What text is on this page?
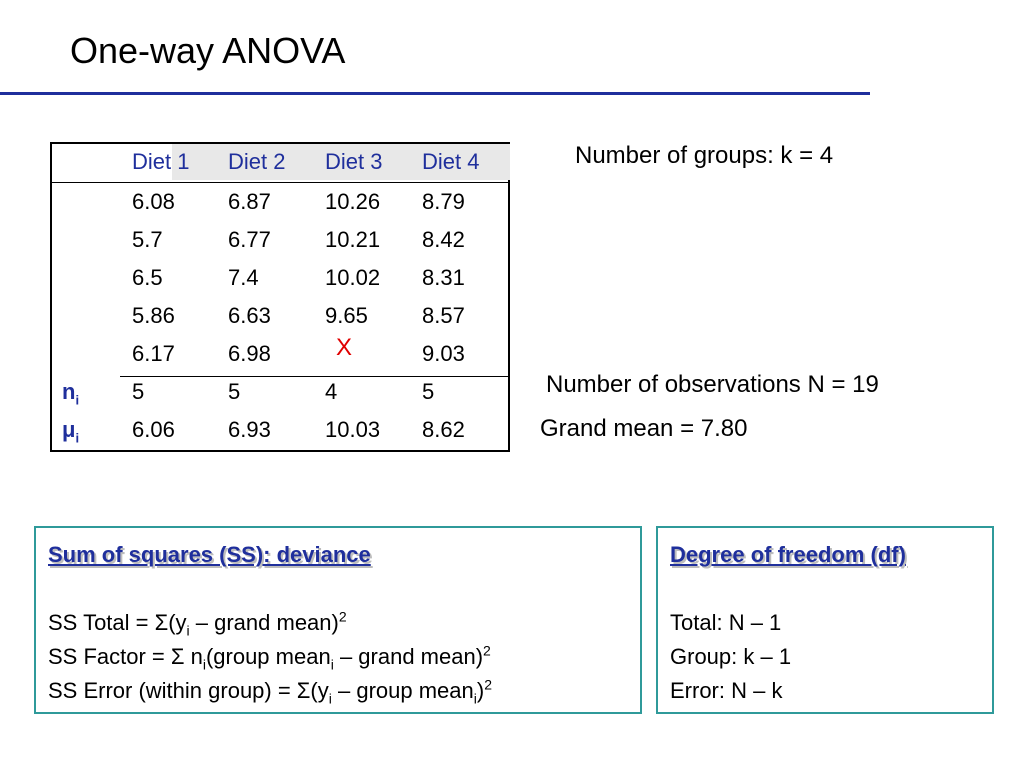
One-way ANOVA
Diet 1 Diet 2 Diet 3 Diet 4
6.08 6.87 10.26 8.79
5.7	6.77 10.21 8.42
6.5	7.4	10.02 8.31
5.86 6.63 9.65 8.57
6.17 6.98	X	9.03
$n_i$ 5	5	4	5
$\mu_i$ 6.06 6.93 10.03 8.62
Number of groups: k = 4
Number of observations N = 19
Grand mean = 7.80
Sum of squares (SS): deviance
SS Total = $\Sigma(y_i$ – grand mean)$^2$
SS Factor = Σ $n_i(group$ mean$_i$ – grand mean)$^2$
SS Error (within group) = $\Sigma(y_i$ – group mean$_i$)$^2$
Degree of freedom (df)
Total: N – 1
Group: k – 1
Error: N – k
